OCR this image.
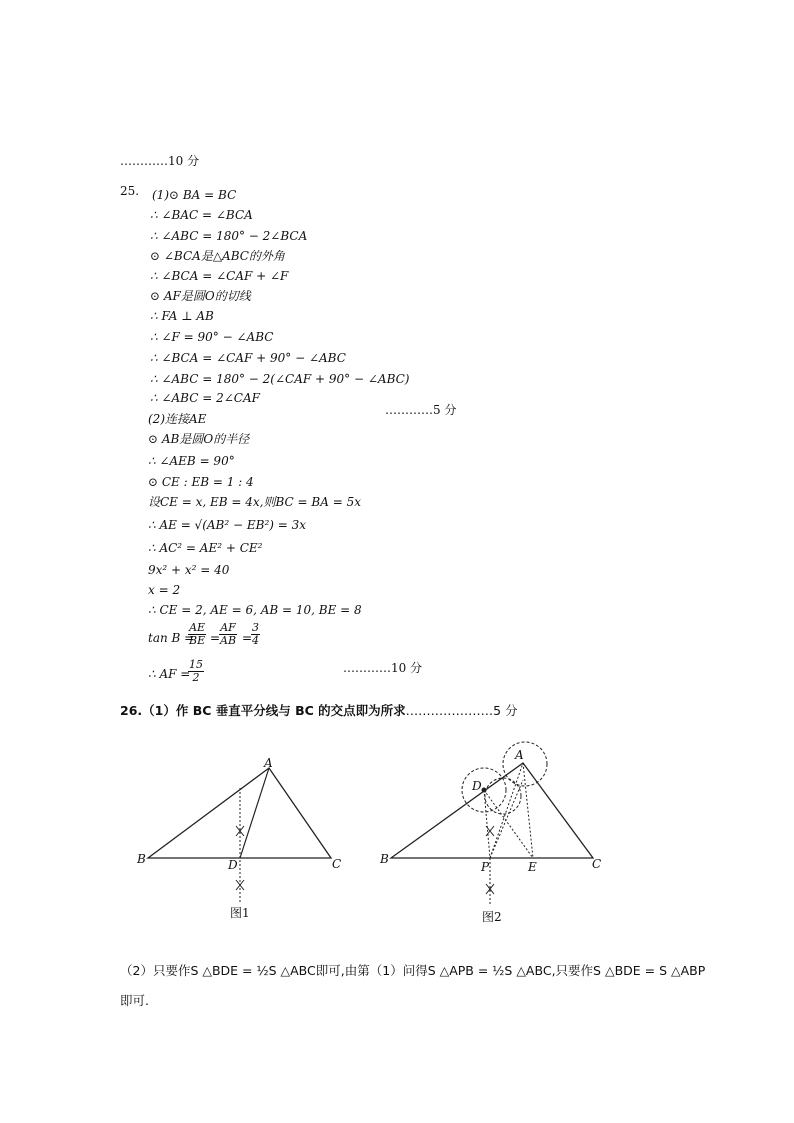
…………10 分
25. (1)⊙ BA = BC
∴ ∠BAC = ∠BCA
∴ ∠ABC = 180° − 2∠BCA
⊙ ∠BCA是△ABC的外角
∴ ∠BCA = ∠CAF + ∠F
⊙ AF是圆O的切线
∴ FA ⊥ AB
∴ ∠F = 90° − ∠ABC
∴ ∠BCA = ∠CAF + 90° − ∠ABC
∴ ∠ABC = 180° − 2(∠CAF + 90° − ∠ABC)
∴ ∠ABC = 2∠CAF
…………5 分
(2)连接AE
⊙ AB是圆O的半径
∴ ∠AEB = 90°
⊙ CE : EB = 1 : 4
设CE = x, EB = 4x,则BC = BA = 5x
∴ AE = √(AB² − EB²) = 3x
∴ AC² = AE² + CE²
9x² + x² = 40
x = 2
∴ CE = 2, AE = 6, AB = 10, BE = 8
tan B =
$\frac{AE}{BE}$ =
$\frac{AF}{AB}$ =
$\frac{3}{4}$
∴ AF =
$\frac{15}{2}$	…………10 分
26.（1）作 BC 垂直平分线与 BC 的交点即为所求…………………5 分
B
A
C
D
图1
B
A
C
D
E
P
图2
（2）只要作S △BDE = ½S △ABC即可,由第（1）问得S △APB = ½S △ABC,只要作S △BDE = S △ABP
即可.
